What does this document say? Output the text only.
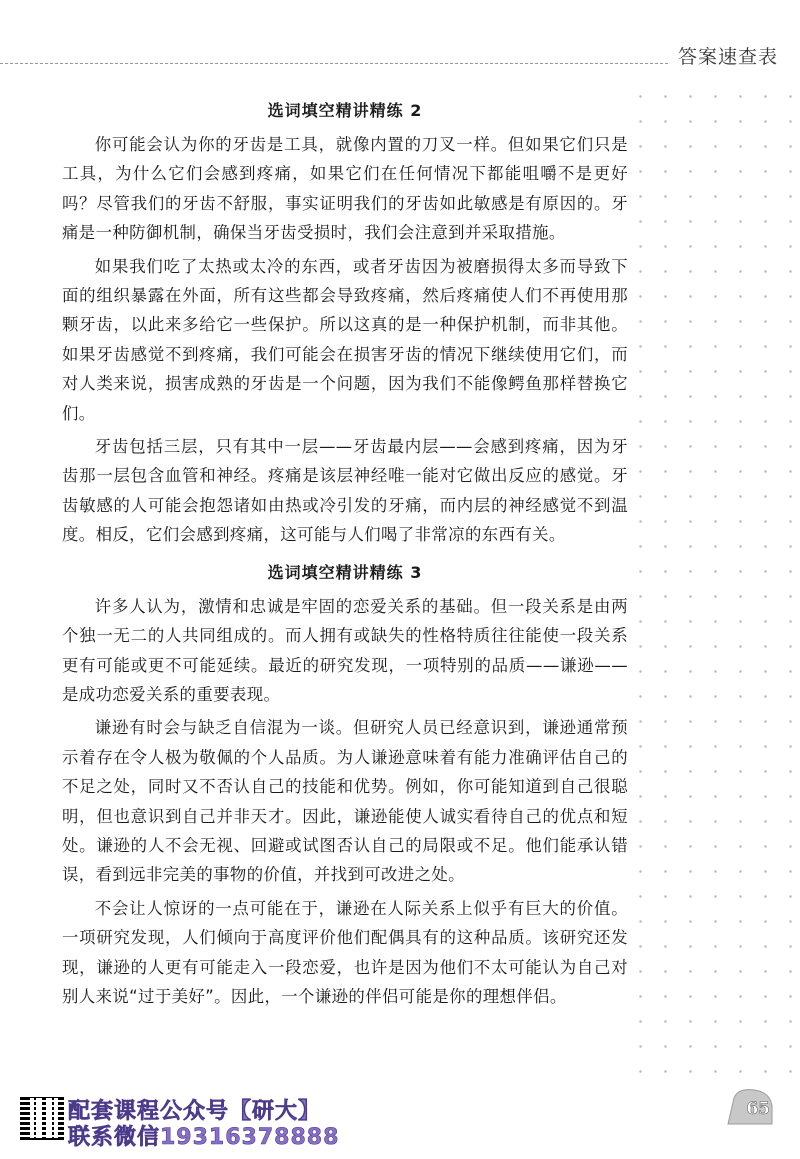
答案速查表
选词填空精讲精练 2

你可能会认为你的牙齿是工具，就像内置的刀叉一样。但如果它们只是工具，为什么它们会感到疼痛，如果它们在任何情况下都能咀嚼不是更好吗？尽管我们的牙齿不舒服，事实证明我们的牙齿如此敏感是有原因的。牙痛是一种防御机制，确保当牙齿受损时，我们会注意到并采取措施。

如果我们吃了太热或太冷的东西，或者牙齿因为被磨损得太多而导致下面的组织暴露在外面，所有这些都会导致疼痛，然后疼痛使人们不再使用那颗牙齿，以此来多给它一些保护。所以这真的是一种保护机制，而非其他。如果牙齿感觉不到疼痛，我们可能会在损害牙齿的情况下继续使用它们，而对人类来说，损害成熟的牙齿是一个问题，因为我们不能像鳄鱼那样替换它们。

牙齿包括三层，只有其中一层——牙齿最内层——会感到疼痛，因为牙齿那一层包含血管和神经。疼痛是该层神经唯一能对它做出反应的感觉。牙齿敏感的人可能会抱怨诸如由热或冷引发的牙痛，而内层的神经感觉不到温度。相反，它们会感到疼痛，这可能与人们喝了非常凉的东西有关。

选词填空精讲精练 3

许多人认为，激情和忠诚是牢固的恋爱关系的基础。但一段关系是由两个独一无二的人共同组成的。而人拥有或缺失的性格特质往往能使一段关系更有可能或更不可能延续。最近的研究发现，一项特别的品质——谦逊——是成功恋爱关系的重要表现。

谦逊有时会与缺乏自信混为一谈。但研究人员已经意识到，谦逊通常预示着存在令人极为敬佩的个人品质。为人谦逊意味着有能力准确评估自己的不足之处，同时又不否认自己的技能和优势。例如，你可能知道到自己很聪明，但也意识到自己并非天才。因此，谦逊能使人诚实看待自己的优点和短处。谦逊的人不会无视、回避或试图否认自己的局限或不足。他们能承认错误，看到远非完美的事物的价值，并找到可改进之处。

不会让人惊讶的一点可能在于，谦逊在人际关系上似乎有巨大的价值。一项研究发现，人们倾向于高度评价他们配偶具有的这种品质。该研究还发现，谦逊的人更有可能走入一段恋爱，也许是因为他们不太可能认为自己对别人来说“过于美好”。因此，一个谦逊的伴侣可能是你的理想伴侣。

配套课程公众号【研大】
联系微信19316378888
65
